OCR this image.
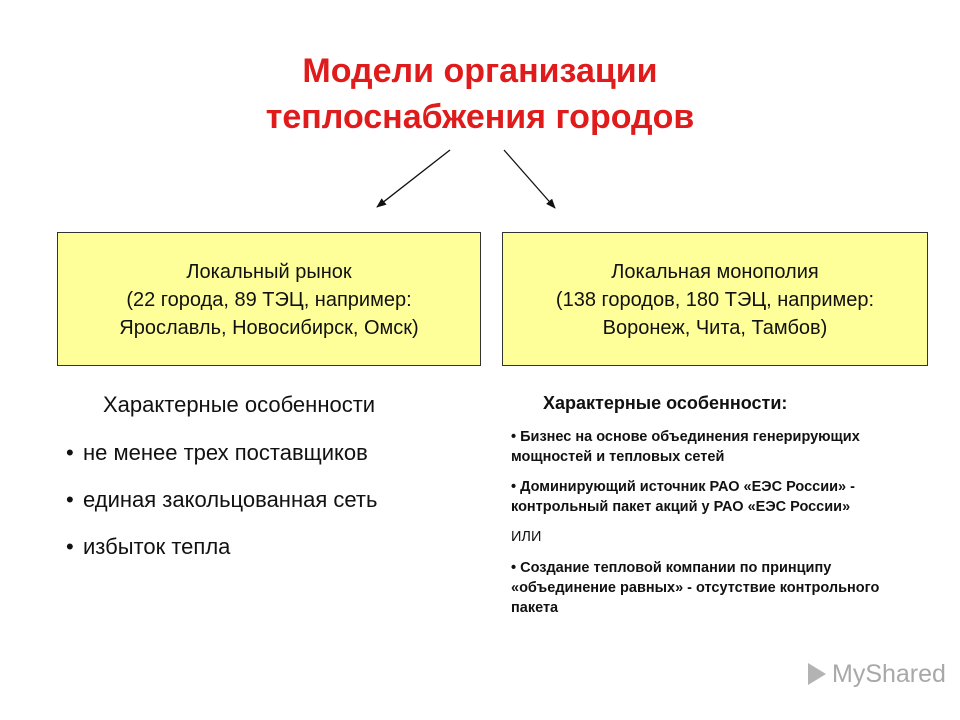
Модели организации
теплоснабжения городов
Локальный рынок
(22 города, 89 ТЭЦ, например:
Ярославль, Новосибирск, Омск)
Локальная монополия
(138 городов, 180 ТЭЦ, например:
Воронеж, Чита, Тамбов)
Характерные особенности
• не менее трех поставщиков
• единая закольцованная сеть
• избыток тепла
Характерные особенности:
• Бизнес на основе объединения генерирующих мощностей и тепловых сетей
• Доминирующий источник РАО «ЕЭС России» - контрольный пакет акций у РАО «ЕЭС России»
ИЛИ
• Создание тепловой компании по принципу «объединение равных» - отсутствие контрольного пакета
MyShared
